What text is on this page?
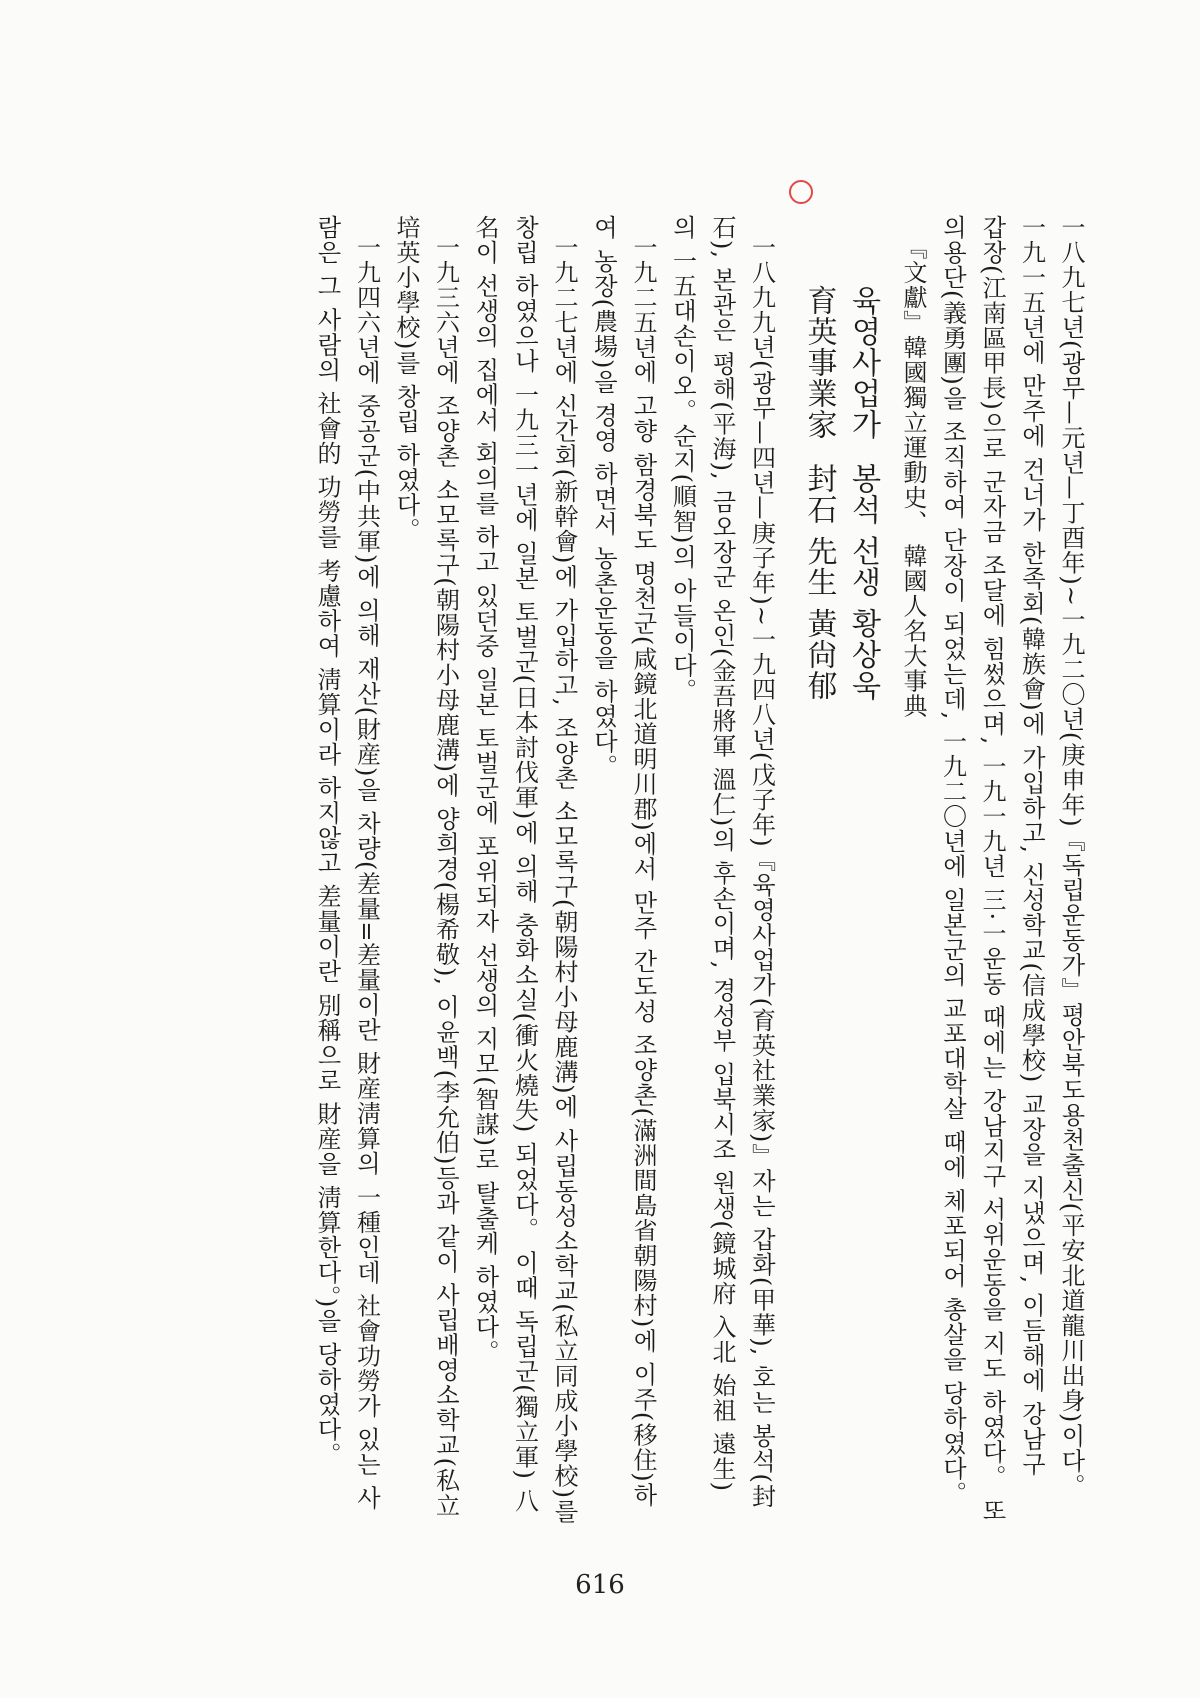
一八九七년(광무—元년—丁酉年)~一九二〇년(庚申年)『독립운동가』평안북도용천출신(平安北道龍川出身)이다。

一九一五년에 만주에 건너가 한족회(韓族會)에 가입하고, 신성학교(信成學校) 교장을 지냈으며, 이듬해에 강남구

갑장(江南區甲長)으로 군자금 조달에 힘썼으며, 一九一九년 三·一운동 때에는 강남지구 서위운동을 지도 하였다。 또

의용단(義勇團)을 조직하여 단장이 되었는데, 一九二〇년에 일본군의 교포대학살 때에 체포되어 총살을 당하였다。

『文獻』韓國獨立運動史、 韓國人名大事典

육영사업가 봉석 선생 황상욱

育英事業家 封石 先生 黃尙郁

一八九九년(광무—四년—庚子年)~一九四八년(戊子年)『육영사업가(育英社業家)』자는 갑화(甲華), 호는 봉석(封

石), 본관은 평해(平海), 금오장군 온인(金吾將軍 溫仁)의 후손이며, 경성부 입북시조 원생(鏡城府 入北 始祖 遠生)

의 一五대손이오。순지(順智)의 아들이다。

一九二五년에 고향 함경북도 명천군(咸鏡北道明川郡)에서 만주 간도성 조양촌(滿洲間島省朝陽村)에 이주(移住)하

여 농장(農場)을 경영 하면서 농촌운동을 하였다。

一九二七년에 신간회(新幹會)에 가입하고, 조양촌 소모록구(朝陽村小母鹿溝)에 사립동성소학교(私立同成小學校)를

창립 하였으나 一九三一년에 일본 토벌군(日本討伐軍)에 의해 충화소실(衝火燒失) 되었다。 이때 독립군(獨立軍) 八

名이 선생의 집에서 회의를 하고 있던중 일본 토벌군에 포위되자 선생의 지모(智謀)로 탈출케 하였다。

一九三六년에 조양촌 소모록구(朝陽村小母鹿溝)에 양희경(楊希敬), 이윤백(李允伯)등과 같이 사립배영소학교(私立

培英小學校)를 창립 하였다。

一九四六년에 중공군(中共軍)에 의해 재산(財産)을 차량(差量=差量이란 財産淸算의 一種인데 社會功勞가 있는 사

람은 그 사람의 社會的 功勞를 考慮하여 淸算이라 하지않고 差量이란 別稱으로 財産을 淸算한다。)을 당하였다。

616
